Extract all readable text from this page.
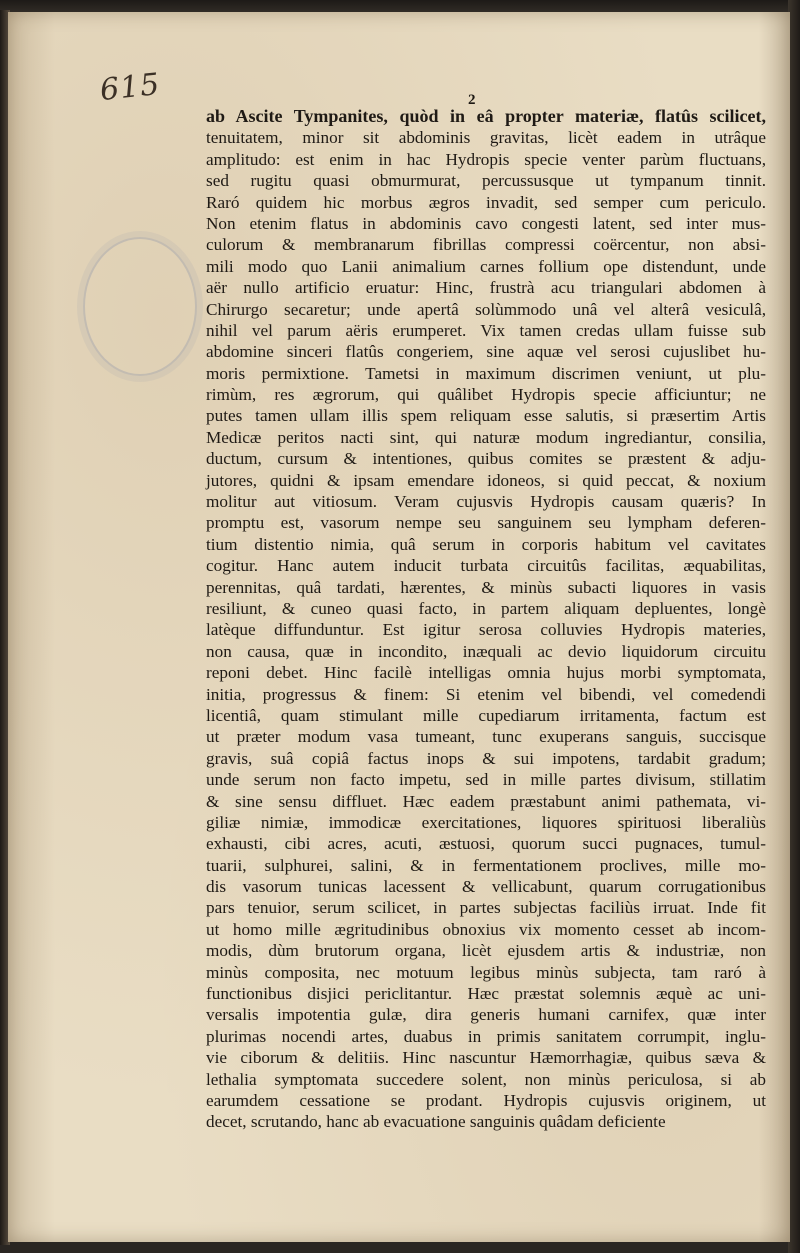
615	2
ab Ascite Tympanites, quòd in eâ propter materiæ, flatûs scilicet,
tenuitatem, minor sit abdominis gravitas, licèt eadem in utrâque
amplitudo: est enim in hac Hydropis specie venter parùm fluctuans,
sed rugitu quasi obmurmurat, percussusque ut tympanum tinnit.
Raró quidem hic morbus ægros invadit, sed semper cum periculo.
Non etenim flatus in abdominis cavo congesti latent, sed inter mus-
culorum & membranarum fibrillas compressi coërcentur, non absi-
mili modo quo Lanii animalium carnes follium ope distendunt, unde
aër nullo artificio eruatur: Hinc, frustrà acu triangulari abdomen à
Chirurgo secaretur; unde apertâ solùmmodo unâ vel alterâ vesiculâ,
nihil vel parum aëris erumperet. Vix tamen credas ullam fuisse sub
abdomine sinceri flatûs congeriem, sine aquæ vel serosi cujuslibet hu-
moris permixtione. Tametsi in maximum discrimen veniunt, ut plu-
rimùm, res ægrorum, qui quâlibet Hydropis specie afficiuntur; ne
putes tamen ullam illis spem reliquam esse salutis, si præsertim Artis
Medicæ peritos nacti sint, qui naturæ modum ingrediantur, consilia,
ductum, cursum & intentiones, quibus comites se præstent & adju-
jutores, quidni & ipsam emendare idoneos, si quid peccat, & noxium
molitur aut vitiosum. Veram cujusvis Hydropis causam quæris? In
promptu est, vasorum nempe seu sanguinem seu lympham deferen-
tium distentio nimia, quâ serum in corporis habitum vel cavitates
cogitur. Hanc autem inducit turbata circuitûs facilitas, æquabilitas,
perennitas, quâ tardati, hærentes, & minùs subacti liquores in vasis
resiliunt, & cuneo quasi facto, in partem aliquam depluentes, longè
latèque diffunduntur. Est igitur serosa colluvies Hydropis materies,
non causa, quæ in incondito, inæquali ac devio liquidorum circuitu
reponi debet. Hinc facilè intelligas omnia hujus morbi symptomata,
initia, progressus & finem: Si etenim vel bibendi, vel comedendi
licentiâ, quam stimulant mille cupediarum irritamenta, factum est
ut præter modum vasa tumeant, tunc exuperans sanguis, succisque
gravis, suâ copiâ factus inops & sui impotens, tardabit gradum;
unde serum non facto impetu, sed in mille partes divisum, stillatim
& sine sensu diffluet. Hæc eadem præstabunt animi pathemata, vi-
giliæ nimiæ, immodicæ exercitationes, liquores spirituosi liberaliùs
exhausti, cibi acres, acuti, æstuosi, quorum succi pugnaces, tumul-
tuarii, sulphurei, salini, & in fermentationem proclives, mille mo-
dis vasorum tunicas lacessent & vellicabunt, quarum corrugationibus
pars tenuior, serum scilicet, in partes subjectas faciliùs irruat. Inde fit
ut homo mille ægritudinibus obnoxius vix momento cesset ab incom-
modis, dùm brutorum organa, licèt ejusdem artis & industriæ, non
minùs composita, nec motuum legibus minùs subjecta, tam raró à
functionibus disjici periclitantur. Hæc præstat solemnis æquè ac uni-
versalis impotentia gulæ, dira generis humani carnifex, quæ inter
plurimas nocendi artes, duabus in primis sanitatem corrumpit, inglu-
vie ciborum & delitiis. Hinc nascuntur Hæmorrhagiæ, quibus sæva &
lethalia symptomata succedere solent, non minùs periculosa, si ab
earumdem cessatione se prodant. Hydropis cujusvis originem, ut
decet, scrutando, hanc ab evacuatione sanguinis quâdam deficiente
